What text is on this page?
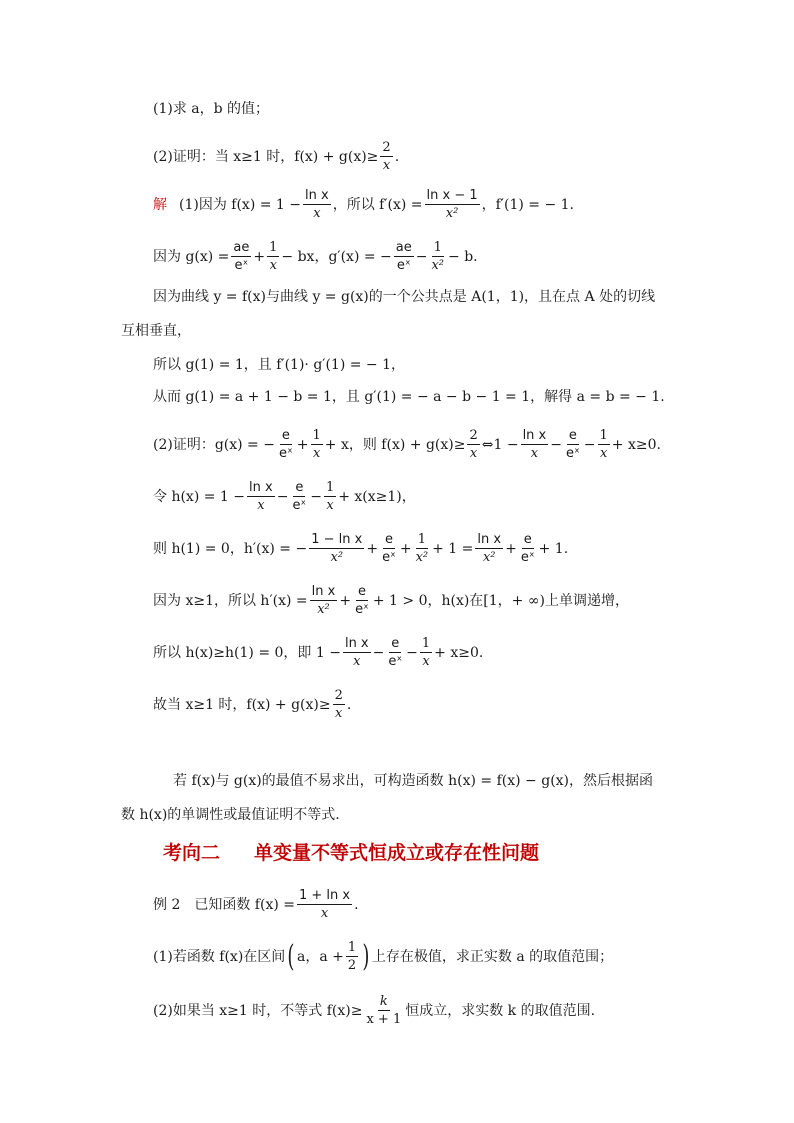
(1)求 a，b 的值；
(2)证明：当 x≥1 时，$f(x) + g(x)\ge \frac{2}{x}$ .
解 (1)因为 $f(x) = 1 - \frac{\text{ln x}}{x}$ ，所以 $f'(x) = \frac{\text{ln x − 1}}{\text{x²}}$ ，f′(1) = − 1.
因为 $g(x) = \frac{ae}{\text{eˣ}} + \frac{1}{x}$ − bx，g′(x) = − $\frac{ae}{\text{eˣ}} - \frac{1}{\text{x²}} - b$.
因为曲线 y = f(x)与曲线 y = g(x)的一个公共点是 A(1，1)，且在点 A 处的切线
互相垂直，
所以 g(1) = 1，且 f′(1)· g′(1) = − 1，
从而 g(1) = a + 1 − b = 1，且 g′(1) = − a − b − 1 = 1，解得 a = b = − 1.
(2)证明：g(x) = − $\frac{e}{\text{eˣ}} + \frac{1}{x} + x$，则 $f(x) + g(x)\ge \frac{2}{x}$ ⇔1 − $\frac{\text{ln x}}{x} - \frac{e}{\text{eˣ}} - \frac{1}{x} + x\ge 0$.
令 $h(x) = 1 - \frac{\text{ln x}}{x} - \frac{e}{\text{eˣ}} - \frac{1}{x} + x(x\ge 1)$，
则 h(1) = 0，h′(x) = − $\frac{\text{1 − ln x}}{\text{x²}} + \frac{e}{\text{eˣ}} + \frac{1}{\text{x²}} + 1 = \frac{\text{ln x}}{\text{x²}} + \frac{e}{\text{eˣ}} + 1$.
因为 x≥1，所以 $h'(x) = \frac{\text{ln x}}{\text{x²}} + \frac{e}{\text{eˣ}} + 1 > 0$，h(x)在[1，+ ∞)上单调递增，
所以 h(x)≥h(1) = 0，即 $1 - \frac{\text{ln x}}{x} - \frac{e}{\text{eˣ}} - \frac{1}{x} + x\ge 0$.
故当 x≥1 时，$f(x) + g(x)\ge \frac{2}{x}$ .
若 f(x)与 g(x)的最值不易求出，可构造函数 h(x) = f(x) − g(x)，然后根据函
数 h(x)的单调性或最值证明不等式.
考向二 单变量不等式恒成立或存在性问题
例 2　已知函数 $f(x) = \frac{\text{1 + ln x}}{x}$ .
(1)若函数 f(x)在区间 ( a，$a + \frac{1}{2}$ ) 上存在极值，求正实数 a 的取值范围；
(2)如果当 x≥1 时，不等式 $f(x)\ge \frac{k}{x + 1}$ 恒成立，求实数 k 的取值范围.
